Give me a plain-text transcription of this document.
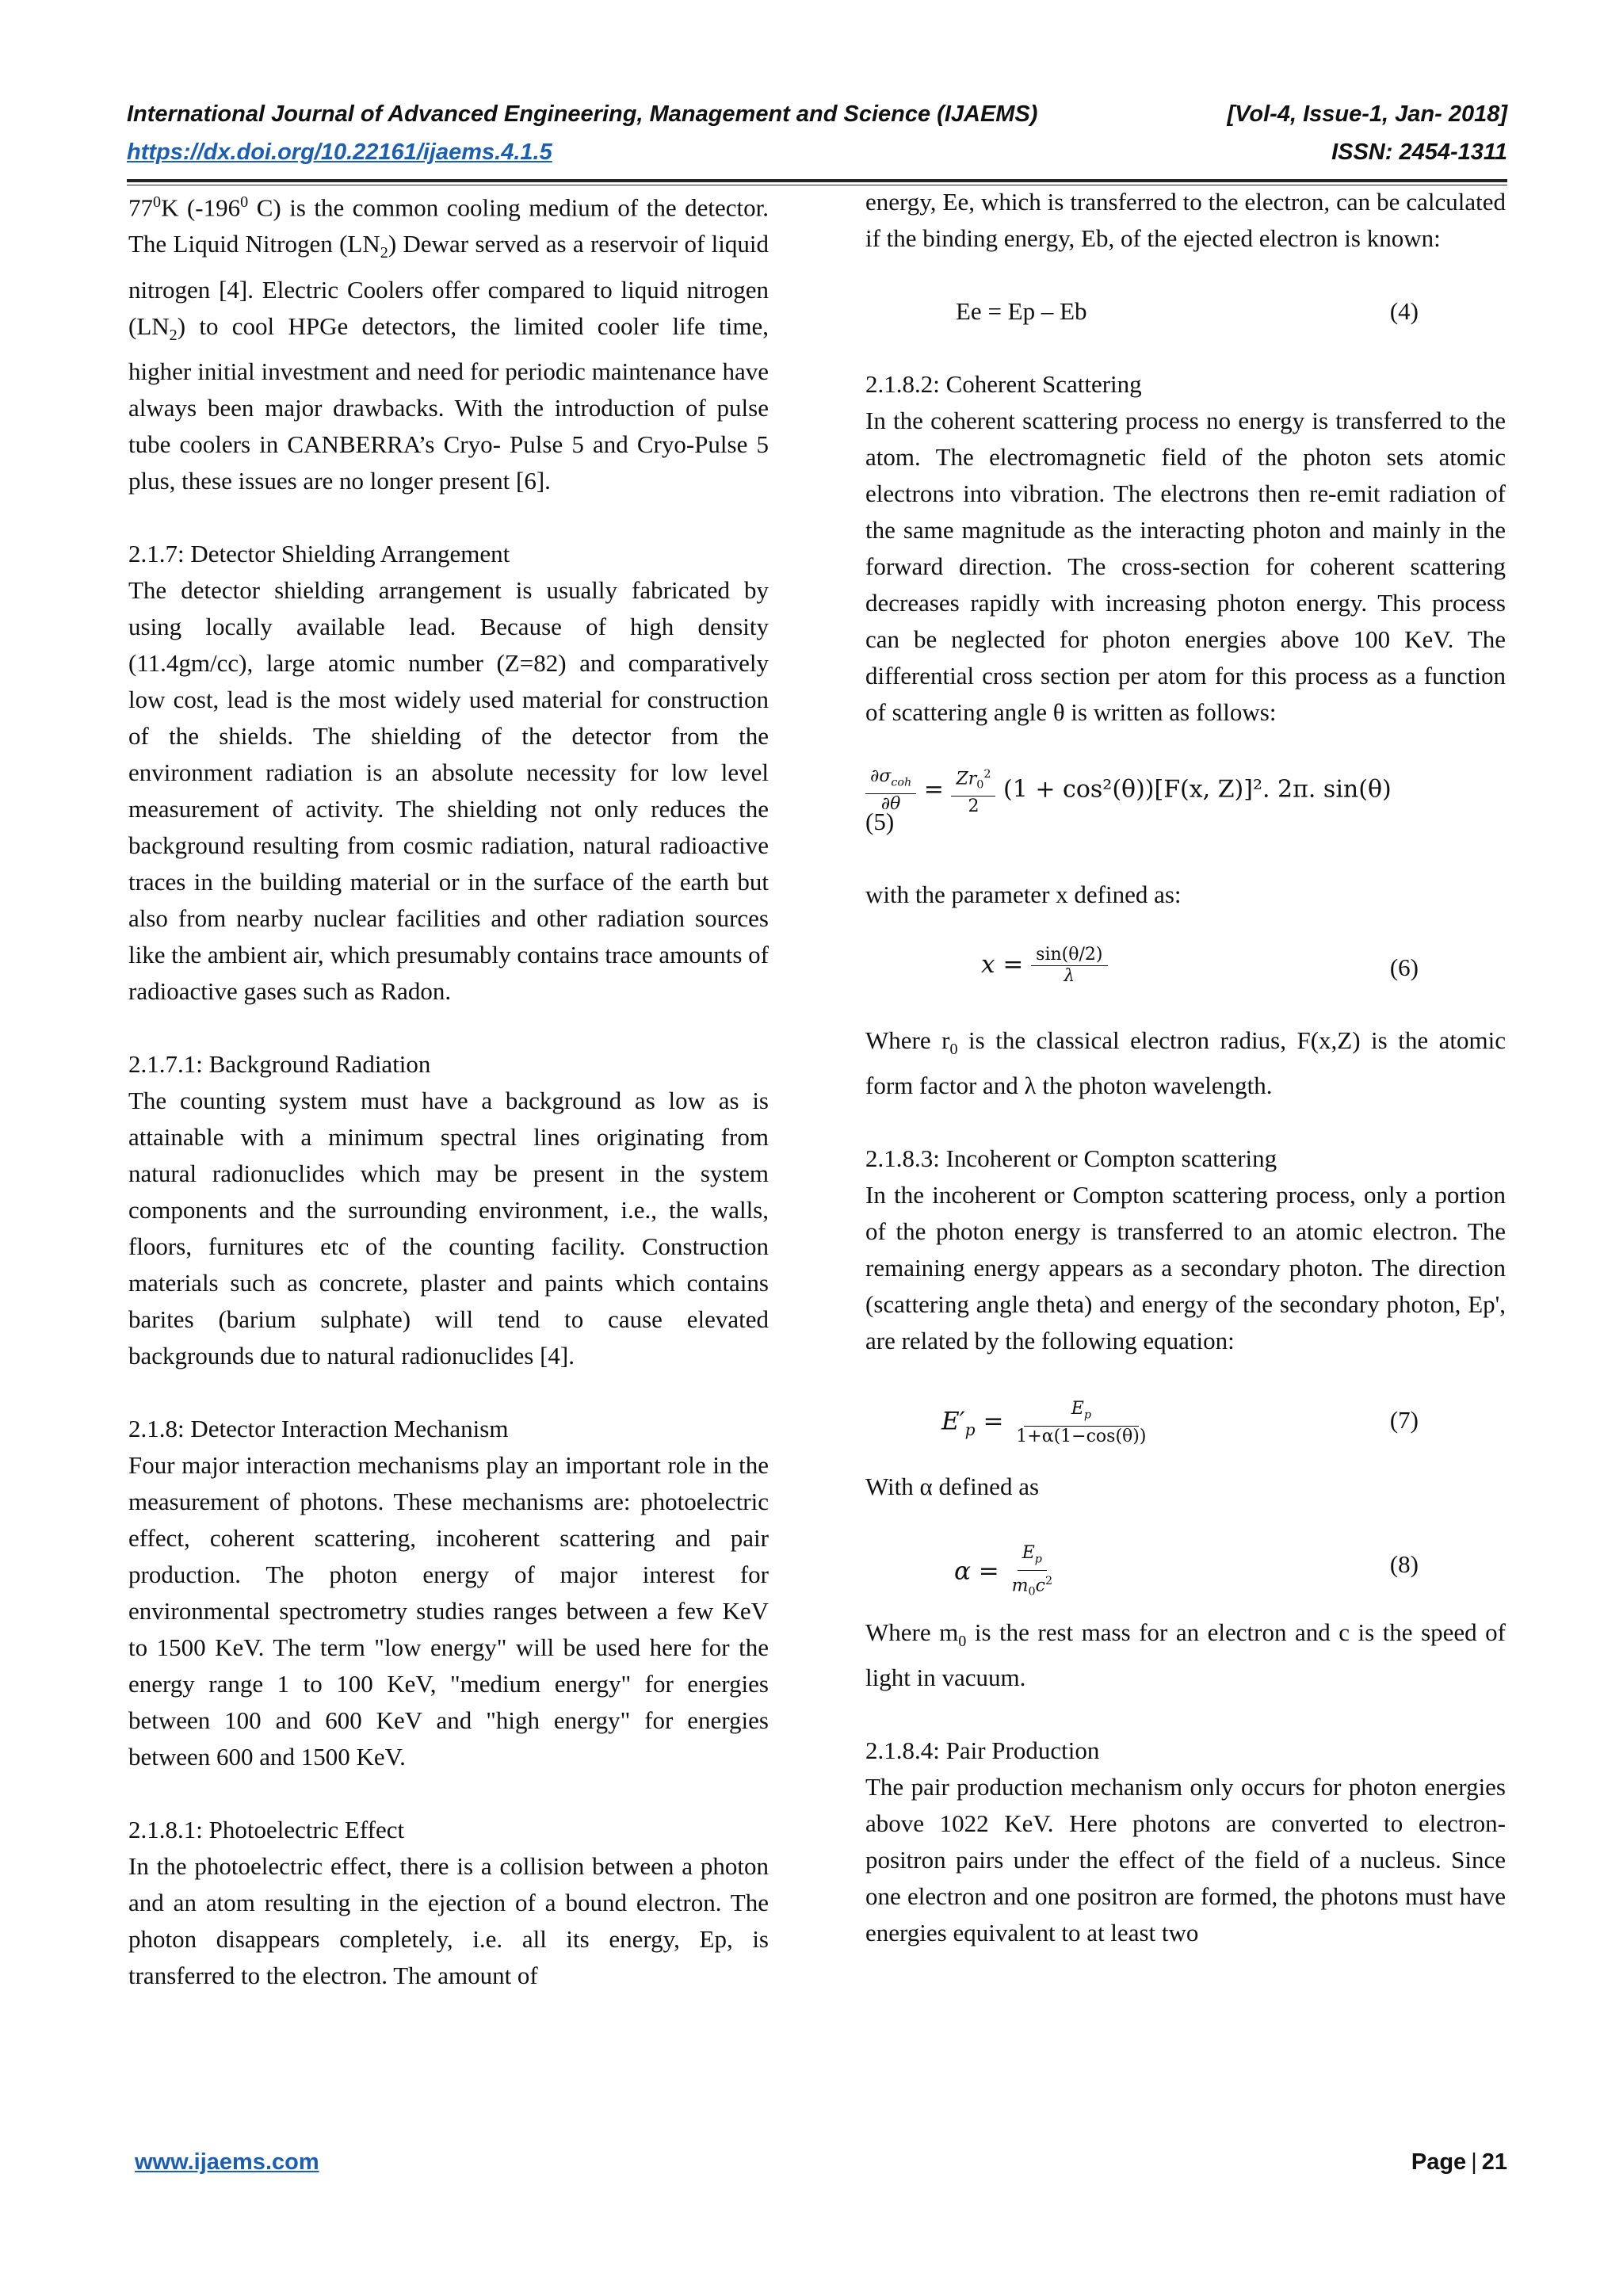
International Journal of Advanced Engineering, Management and Science (IJAEMS)	[Vol-4, Issue-1, Jan- 2018]
https://dx.doi.org/10.22161/ijaems.4.1.5	ISSN: 2454-1311

$77^0K$ ($-196^0$ C) is the common cooling medium of the detector. The Liquid Nitrogen $(LN_2)$ Dewar served as a reservoir of liquid nitrogen [4]. Electric Coolers offer compared to liquid nitrogen $(LN_2)$ to cool HPGe detectors, the limited cooler life time, higher initial investment and need for periodic maintenance have always been major drawbacks. With the introduction of pulse tube coolers in CANBERRA’s Cryo- Pulse 5 and Cryo-Pulse 5 plus, these issues are no longer present [6].

2.1.7: Detector Shielding Arrangement

The detector shielding arrangement is usually fabricated by using locally available lead. Because of high density (11.4gm/cc), large atomic number (Z=82) and comparatively low cost, lead is the most widely used material for construction of the shields. The shielding of the detector from the environment radiation is an absolute necessity for low level measurement of activity. The shielding not only reduces the background resulting from cosmic radiation, natural radioactive traces in the building material or in the surface of the earth but also from nearby nuclear facilities and other radiation sources like the ambient air, which presumably contains trace amounts of radioactive gases such as Radon.

2.1.7.1: Background Radiation

The counting system must have a background as low as is attainable with a minimum spectral lines originating from natural radionuclides which may be present in the system components and the surrounding environment, i.e., the walls, floors, furnitures etc of the counting facility. Construction materials such as concrete, plaster and paints which contains barites (barium sulphate) will tend to cause elevated backgrounds due to natural radionuclides [4].

2.1.8: Detector Interaction Mechanism

Four major interaction mechanisms play an important role in the measurement of photons. These mechanisms are: photoelectric effect, coherent scattering, incoherent scattering and pair production. The photon energy of major interest for environmental spectrometry studies ranges between a few KeV to 1500 KeV. The term "low energy" will be used here for the energy range 1 to 100 KeV, "medium energy" for energies between 100 and 600 KeV and "high energy" for energies between 600 and 1500 KeV.

2.1.8.1: Photoelectric Effect

In the photoelectric effect, there is a collision between a photon and an atom resulting in the ejection of a bound electron. The photon disappears completely, i.e. all its energy, Ep, is transferred to the electron. The amount of

energy, Ee, which is transferred to the electron, can be calculated if the binding energy, Eb, of the ejected electron is known:

Ee = Ep – Eb	(4)

2.1.8.2: Coherent Scattering

In the coherent scattering process no energy is transferred to the atom. The electromagnetic field of the photon sets atomic electrons into vibration. The electrons then re-emit radiation of the same magnitude as the interacting photon and mainly in the forward direction. The cross-section for coherent scattering decreases rapidly with increasing photon energy. This process can be neglected for photon energies above 100 KeV. The differential cross section per atom for this process as a function of scattering angle θ is written as follows:

$\frac{\partial\sigma_{coh}}{\partial\theta} = \frac{Zr_0^2}{2} (1 + \cos^2(\theta))[F(x$, Z)]². 2π. sin(θ)

(5)

with the parameter x defined as:

$x = \frac{\sin(\theta/2)}{\lambda}$	(6)

Where $r_0$ is the classical electron radius, F(x,Z) is the atomic form factor and λ the photon wavelength.

2.1.8.3: Incoherent or Compton scattering

In the incoherent or Compton scattering process, only a portion of the photon energy is transferred to an atomic electron. The remaining energy appears as a secondary photon. The direction (scattering angle theta) and energy of the secondary photon, Ep', are related by the following equation:

$E'_p = \frac{E_p}{1+\alpha(1-\cos(\theta))}$	(7)

With α defined as

$\alpha = \frac{E_p}{m_0c^2}$	(8)

Where $m_0$ is the rest mass for an electron and c is the speed of light in vacuum.

2.1.8.4: Pair Production

The pair production mechanism only occurs for photon energies above 1022 KeV. Here photons are converted to electron-positron pairs under the effect of the field of a nucleus. Since one electron and one positron are formed, the photons must have energies equivalent to at least two

www.ijaems.com	Page | 21
